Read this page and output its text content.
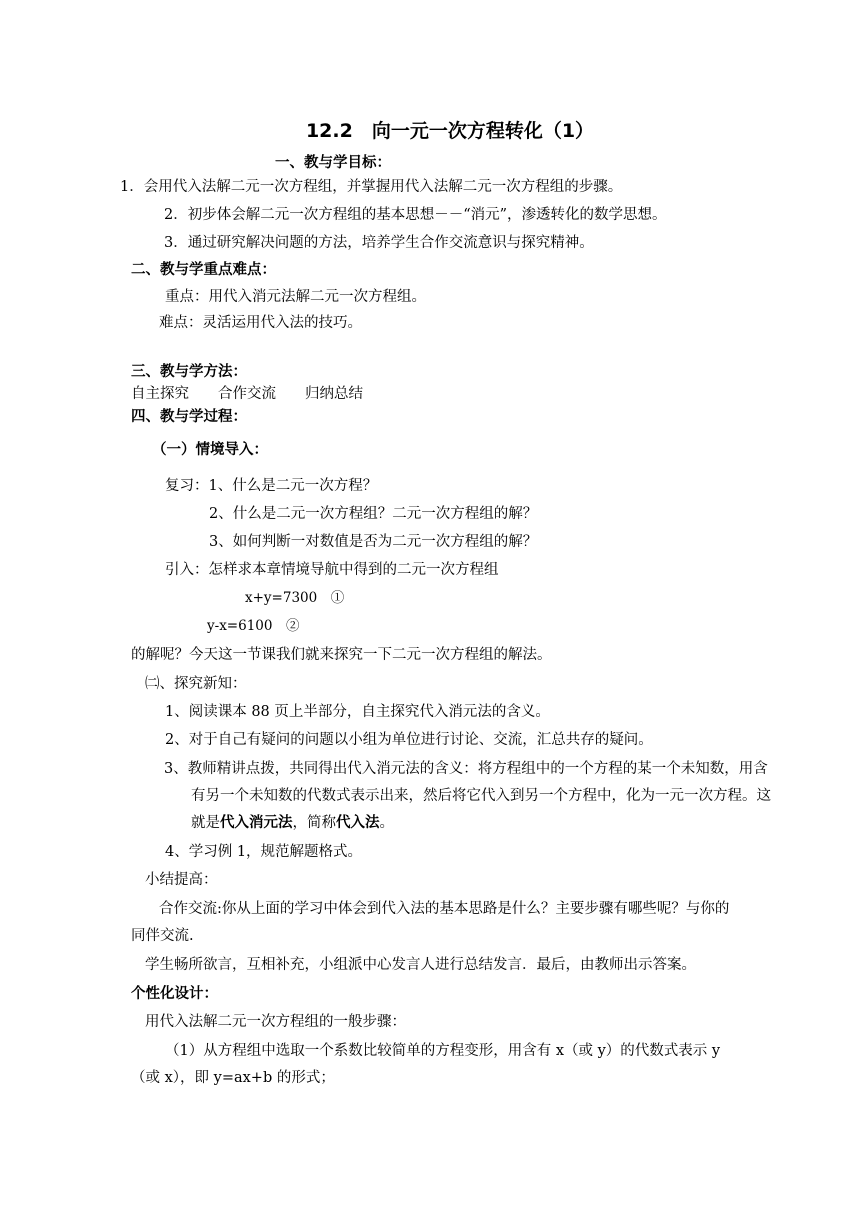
12.2　向一元一次方程转化（1）
一、教与学目标：
1．会用代入法解二元一次方程组，并掌握用代入法解二元一次方程组的步骤。
2．初步体会解二元一次方程组的基本思想－－“消元”，渗透转化的数学思想。
3．通过研究解决问题的方法，培养学生合作交流意识与探究精神。
二、教与学重点难点：
重点：用代入消元法解二元一次方程组。
难点：灵活运用代入法的技巧。
三、教与学方法：
自主探究　　合作交流　　归纳总结
四、教与学过程：
（一）情境导入：
复习：1、什么是二元一次方程？
2、什么是二元一次方程组？二元一次方程组的解？
3、如何判断一对数值是否为二元一次方程组的解？
引入：怎样求本章情境导航中得到的二元一次方程组
x+y=7300　①
y-x=6100　②
的解呢？今天这一节课我们就来探究一下二元一次方程组的解法。
㈡、探究新知：
1、阅读课本 88 页上半部分，自主探究代入消元法的含义。
2、对于自己有疑问的问题以小组为单位进行讨论、交流，汇总共存的疑问。
3、教师精讲点拨，共同得出代入消元法的含义：将方程组中的一个方程的某一个未知数，用含有另一个未知数的代数式表示出来，然后将它代入到另一个方程中，化为一元一次方程。这就是代入消元法，简称代入法。
4、学习例 1，规范解题格式。
小结提高：
合作交流:你从上面的学习中体会到代入法的基本思路是什么？主要步骤有哪些呢？与你的同伴交流.
学生畅所欲言，互相补充，小组派中心发言人进行总结发言．最后，由教师出示答案。
个性化设计：
用代入法解二元一次方程组的一般步骤：
（1）从方程组中选取一个系数比较简单的方程变形，用含有 x（或 y）的代数式表示 y（或 x），即 y=ax+b 的形式；
